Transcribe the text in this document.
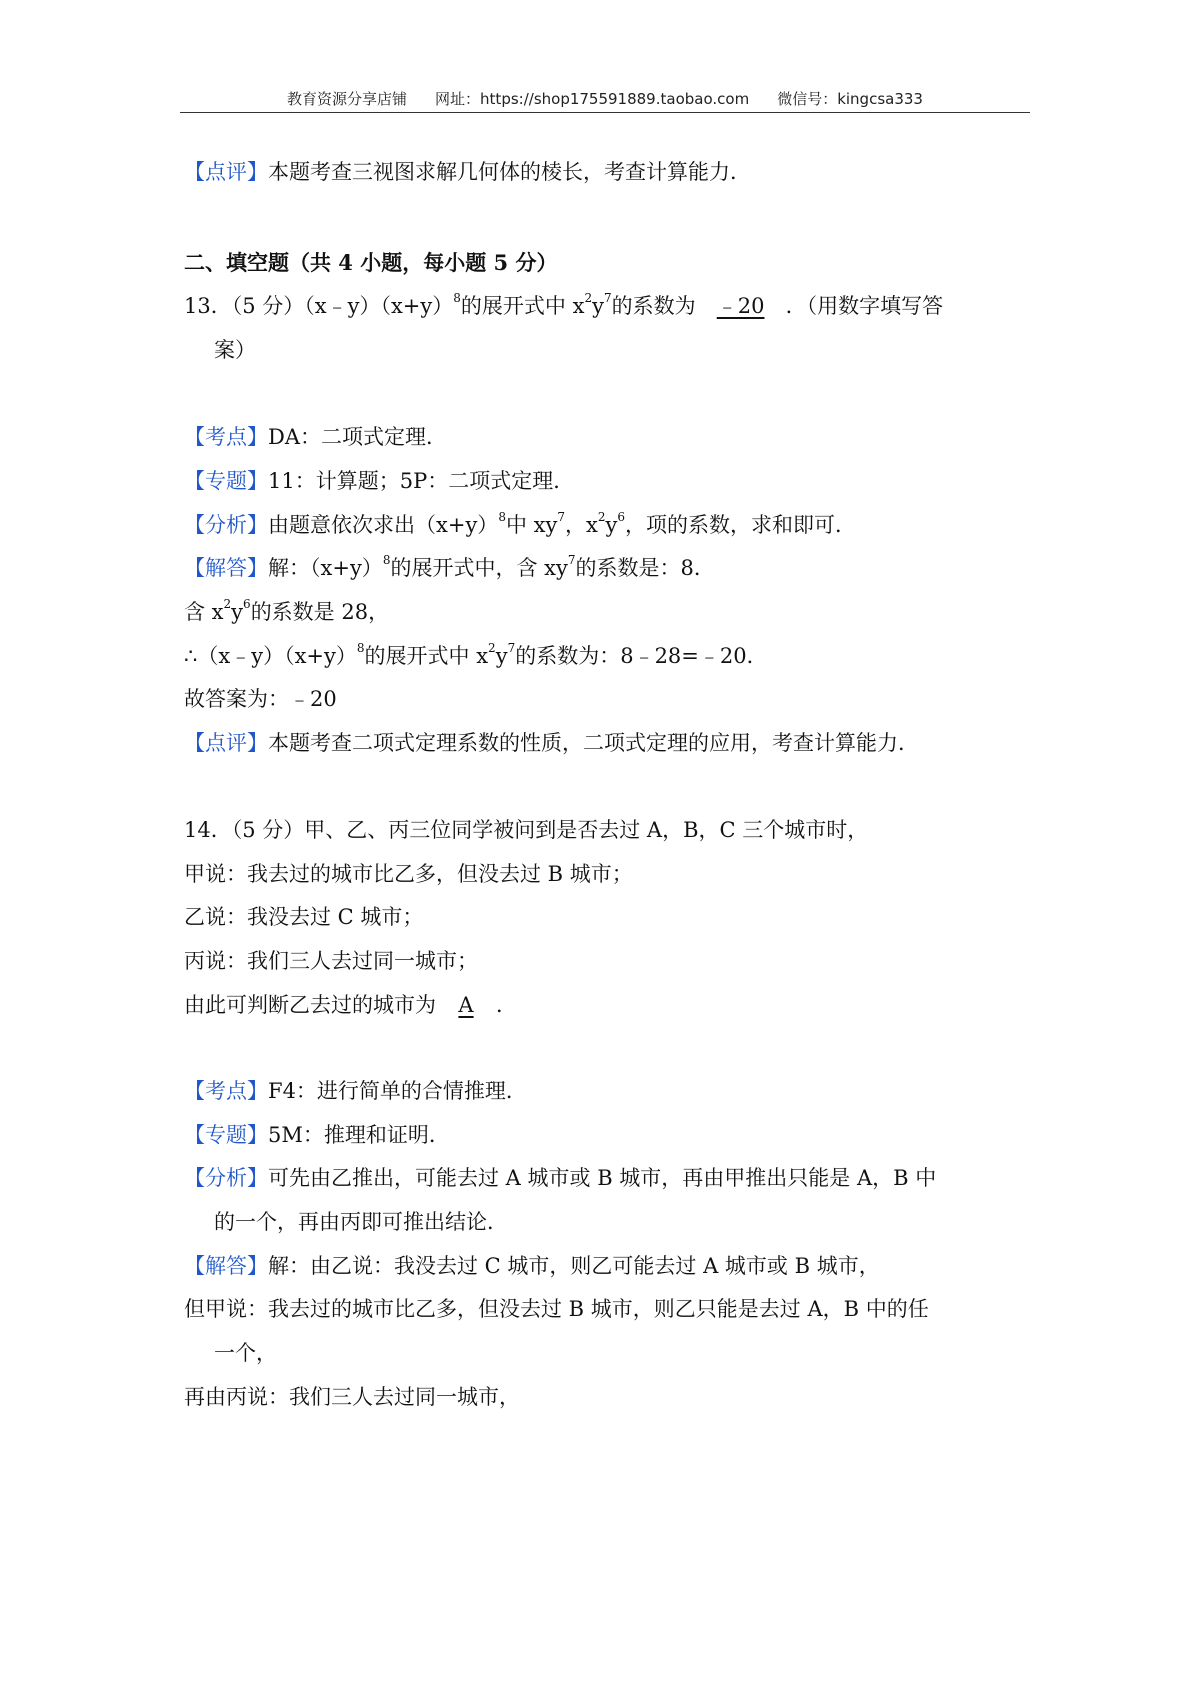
教育资源分享店铺 网址：https://shop175591889.taobao.com 微信号：kingcsa333
【点评】本题考查三视图求解几何体的棱长，考查计算能力．
二、填空题（共 4 小题，每小题 5 分）
13．（5 分）$(x﹣y)(x+y)^8$的展开式中 $x^2y^7$的系数为 ﹣20 ．（用数字填写答
案）
【考点】DA：二项式定理．
【专题】11：计算题；5P：二项式定理．
【分析】由题意依次求出$(x+y)^8$中 $xy^7$，$x^2y^6$，项的系数，求和即可．
【解答】解：$(x+y)^8$的展开式中，含 $xy^7$的系数是：8．
含 $x^2y^6$的系数是 28，
$\therefore(x﹣y)(x+y)^8$的展开式中 $x^2y^7$的系数为：8﹣28=﹣20．
故答案为：﹣20
【点评】本题考查二项式定理系数的性质，二项式定理的应用，考查计算能力．
14．（5 分）甲、乙、丙三位同学被问到是否去过 A，B，C 三个城市时，
甲说：我去过的城市比乙多，但没去过 B 城市；
乙说：我没去过 C 城市；
丙说：我们三人去过同一城市；
由此可判断乙去过的城市为 A ．
【考点】F4：进行简单的合情推理．
【专题】5M：推理和证明．
【分析】可先由乙推出，可能去过 A 城市或 B 城市，再由甲推出只能是 A，B 中
的一个，再由丙即可推出结论．
【解答】解：由乙说：我没去过 C 城市，则乙可能去过 A 城市或 B 城市，
但甲说：我去过的城市比乙多，但没去过 B 城市，则乙只能是去过 A，B 中的任
一个，
再由丙说：我们三人去过同一城市，
